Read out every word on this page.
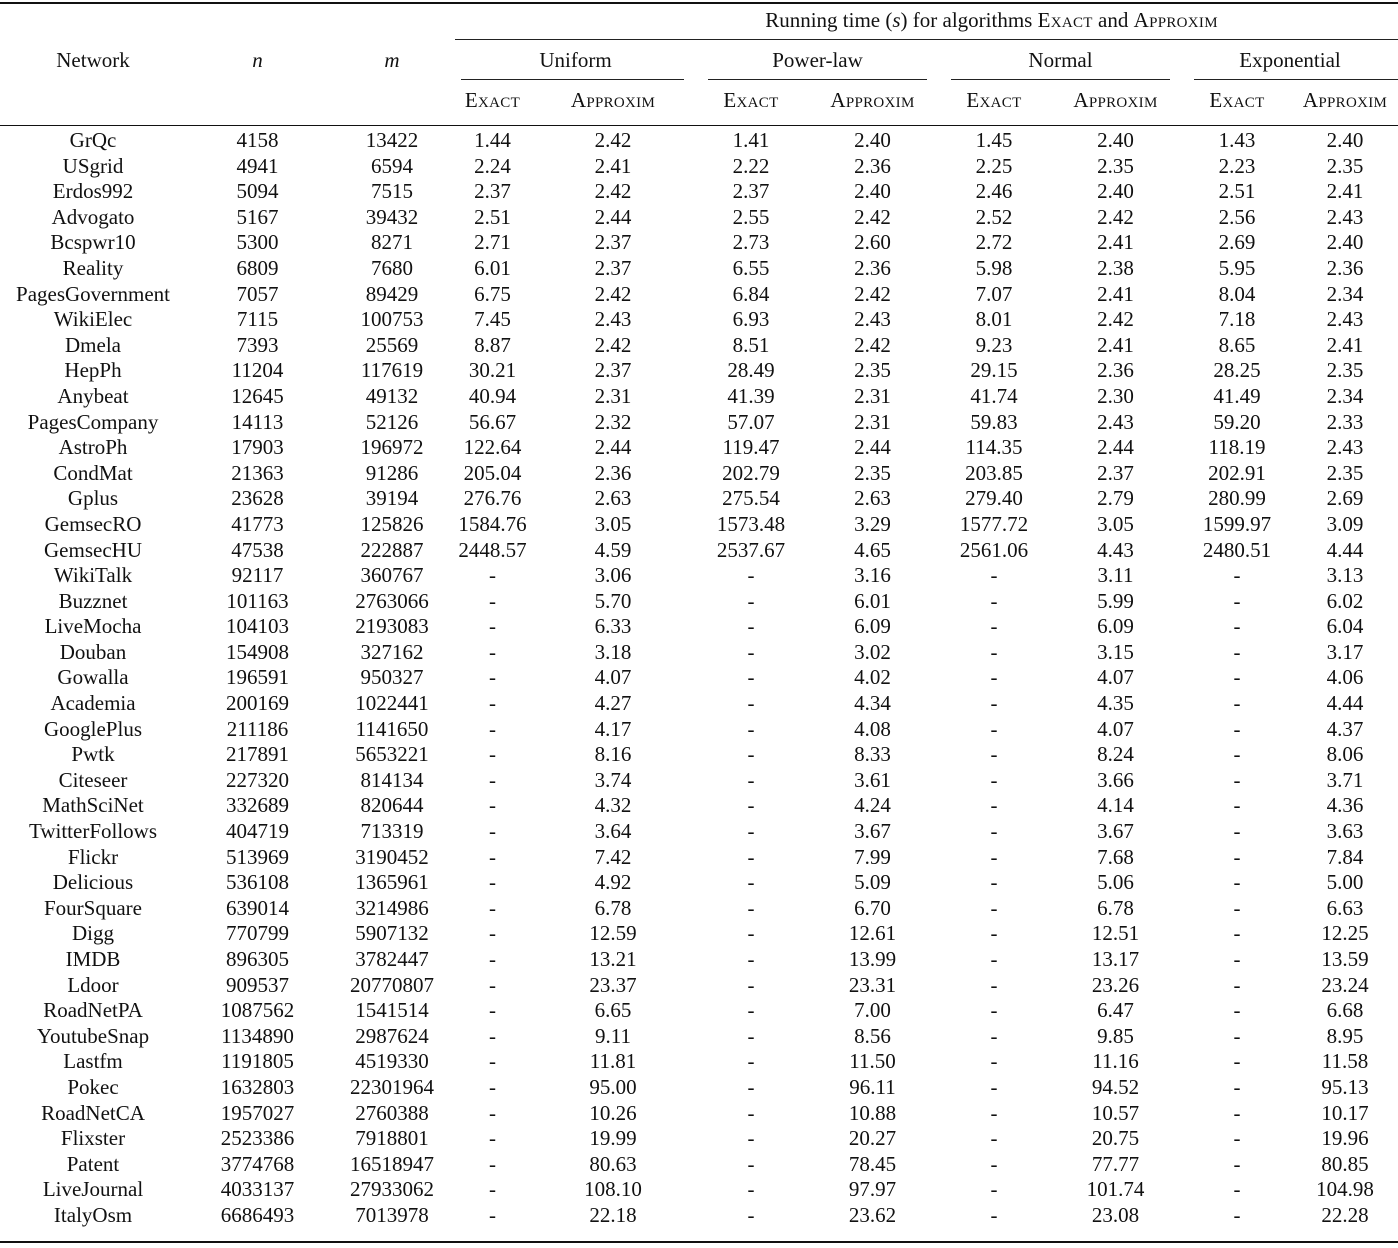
Network	n	m	Running time (s) for algorithms Exact and Approxim							

			Uniform		Power-law		Normal		Exponential	

			Exact	Approxim	Exact	Approxim	Exact	Approxim	Exact	Approxim

GrQc	4158	13422	1.44	2.42	1.41	2.40	1.45	2.40	1.43	2.40
USgrid	4941	6594	2.24	2.41	2.22	2.36	2.25	2.35	2.23	2.35
Erdos992	5094	7515	2.37	2.42	2.37	2.40	2.46	2.40	2.51	2.41
Advogato	5167	39432	2.51	2.44	2.55	2.42	2.52	2.42	2.56	2.43
Bcspwr10	5300	8271	2.71	2.37	2.73	2.60	2.72	2.41	2.69	2.40
Reality	6809	7680	6.01	2.37	6.55	2.36	5.98	2.38	5.95	2.36
PagesGovernment	7057	89429	6.75	2.42	6.84	2.42	7.07	2.41	8.04	2.34
WikiElec	7115	100753	7.45	2.43	6.93	2.43	8.01	2.42	7.18	2.43
Dmela	7393	25569	8.87	2.42	8.51	2.42	9.23	2.41	8.65	2.41
HepPh	11204	117619	30.21	2.37	28.49	2.35	29.15	2.36	28.25	2.35
Anybeat	12645	49132	40.94	2.31	41.39	2.31	41.74	2.30	41.49	2.34
PagesCompany	14113	52126	56.67	2.32	57.07	2.31	59.83	2.43	59.20	2.33
AstroPh	17903	196972	122.64	2.44	119.47	2.44	114.35	2.44	118.19	2.43
CondMat	21363	91286	205.04	2.36	202.79	2.35	203.85	2.37	202.91	2.35
Gplus	23628	39194	276.76	2.63	275.54	2.63	279.40	2.79	280.99	2.69
GemsecRO	41773	125826	1584.76	3.05	1573.48	3.29	1577.72	3.05	1599.97	3.09
GemsecHU	47538	222887	2448.57	4.59	2537.67	4.65	2561.06	4.43	2480.51	4.44
WikiTalk	92117	360767	-	3.06	-	3.16	-	3.11	-	3.13
Buzznet	101163	2763066	-	5.70	-	6.01	-	5.99	-	6.02
LiveMocha	104103	2193083	-	6.33	-	6.09	-	6.09	-	6.04
Douban	154908	327162	-	3.18	-	3.02	-	3.15	-	3.17
Gowalla	196591	950327	-	4.07	-	4.02	-	4.07	-	4.06
Academia	200169	1022441	-	4.27	-	4.34	-	4.35	-	4.44
GooglePlus	211186	1141650	-	4.17	-	4.08	-	4.07	-	4.37
Pwtk	217891	5653221	-	8.16	-	8.33	-	8.24	-	8.06
Citeseer	227320	814134	-	3.74	-	3.61	-	3.66	-	3.71
MathSciNet	332689	820644	-	4.32	-	4.24	-	4.14	-	4.36
TwitterFollows	404719	713319	-	3.64	-	3.67	-	3.67	-	3.63
Flickr	513969	3190452	-	7.42	-	7.99	-	7.68	-	7.84
Delicious	536108	1365961	-	4.92	-	5.09	-	5.06	-	5.00
FourSquare	639014	3214986	-	6.78	-	6.70	-	6.78	-	6.63
Digg	770799	5907132	-	12.59	-	12.61	-	12.51	-	12.25
IMDB	896305	3782447	-	13.21	-	13.99	-	13.17	-	13.59
Ldoor	909537	20770807	-	23.37	-	23.31	-	23.26	-	23.24
RoadNetPA	1087562	1541514	-	6.65	-	7.00	-	6.47	-	6.68
YoutubeSnap	1134890	2987624	-	9.11	-	8.56	-	9.85	-	8.95
Lastfm	1191805	4519330	-	11.81	-	11.50	-	11.16	-	11.58
Pokec	1632803	22301964	-	95.00	-	96.11	-	94.52	-	95.13
RoadNetCA	1957027	2760388	-	10.26	-	10.88	-	10.57	-	10.17
Flixster	2523386	7918801	-	19.99	-	20.27	-	20.75	-	19.96
Patent	3774768	16518947	-	80.63	-	78.45	-	77.77	-	80.85
LiveJournal	4033137	27933062	-	108.10	-	97.97	-	101.74	-	104.98
ItalyOsm	6686493	7013978	-	22.18	-	23.62	-	23.08	-	22.28
